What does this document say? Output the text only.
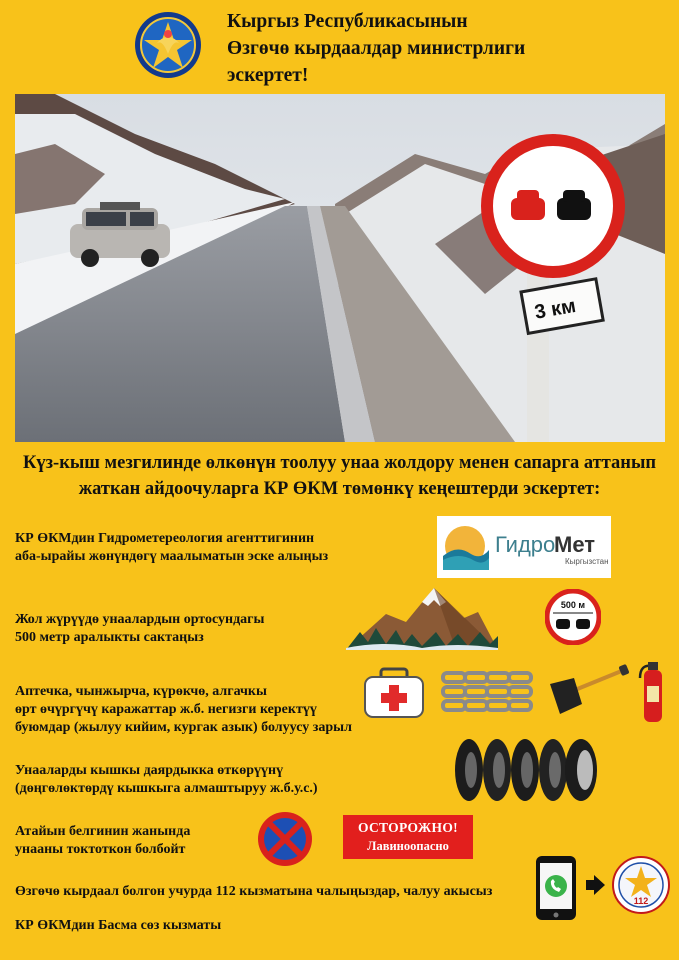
Кыргыз Республикасынын
Өзгөчө кырдаалдар министрлиги
эскертет!
3 км
Күз-кыш мезгилинде өлкөнүн тоолуу унаа жолдору менен сапарга аттанып
жаткан айдоочуларга КР ӨКМ төмөнкү кеңештерди эскертет:
КР ӨКМдин Гидрометереология агенттигинин
аба-ырайы жөнүндөгү маалыматын эске алыңыз
Жол жүрүүдө унаалардын ортосундагы
500 метр аралыкты сактаңыз
Аптечка, чынжырча, күрөкчө, алгачкы
өрт өчүргүчү каражаттар ж.б. негизги керектүү
буюмдар (жылуу кийим, кургак азык) болуусу зарыл
Унааларды кышкы даярдыкка өткөрүүнү
(дөңгөлөктөрдү кышкыга алмаштыруу ж.б.у.с.)
Атайын белгинин жанында
унааны токтоткон болбойт
Өзгөчө кырдаал болгон учурда 112 кызматына чалыңыздар, чалуу акысыз
КР ӨКМдин Басма сөз кызматы
Гидро
Мет
Кыргызстан
500 м
ОСТОРОЖНО!
Лавиноопасно
112
